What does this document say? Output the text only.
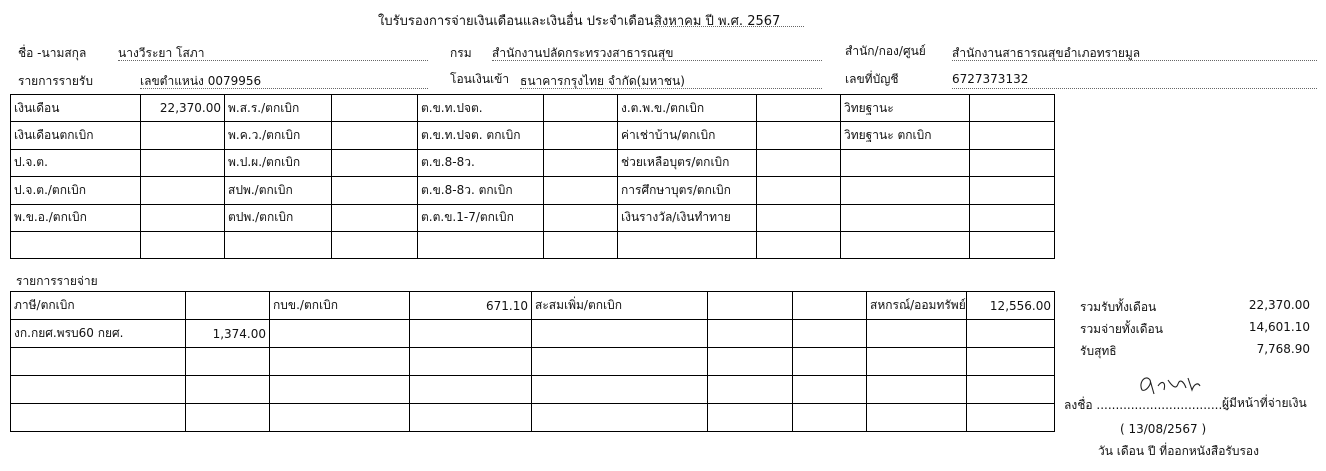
ใบรับรองการจ่ายเงินเดือนและเงินอื่น ประจำเดือน สิงหาคม ปี พ.ศ. 2567
ชื่อ -นามสกุล	นางวีระยา โสภา	กรม สำนักงานปลัดกระทรวงสาธารณสุข	สำนัก/กอง/ศูนย์ สำนักงานสาธารณสุขอำเภอทรายมูล
รายการรายรับ	เลขตำแหน่ง 0079956	โอนเงินเข้า ธนาคารกรุงไทย จำกัด(มหาชน)	เลขที่บัญชี	6727373132
เงินเดือน	22,370.00	พ.ส.ร./ตกเบิก		ต.ข.ท.ปจต.		ง.ต.พ.ข./ตกเบิก		วิทยฐานะ	
เงินเดือนตกเบิก		พ.ค.ว./ตกเบิก		ต.ข.ท.ปจต. ตกเบิก		ค่าเช่าบ้าน/ตกเบิก		วิทยฐานะ ตกเบิก	
ป.จ.ต.		พ.ป.ผ./ตกเบิก		ต.ข.8-8ว.		ช่วยเหลือบุตร/ตกเบิก			
ป.จ.ต./ตกเบิก		สปพ./ตกเบิก		ต.ข.8-8ว. ตกเบิก		การศึกษาบุตร/ตกเบิก			
พ.ข.อ./ตกเบิก		ตปพ./ตกเบิก		ต.ต.ข.1-7/ตกเบิก		เงินรางวัล/เงินทำทาย			

รายการรายจ่าย
ภาษี/ตกเบิก		กบข./ตกเบิก	671.10	สะสมเพิ่ม/ตกเบิก			สหกรณ์/ออมทรัพย์	12,556.00
งก.กยศ.พรบ60 กยศ.	1,374.00							

รวมรับทั้งเดือน	22,370.00
รวมจ่ายทั้งเดือน	14,601.10
รับสุทธิ	7,768.90
ลงชื่อ ...................................
ผู้มีหน้าที่จ่ายเงิน
( 13/08/2567 )
วัน เดือน ปี ที่ออกหนังสือรับรอง
